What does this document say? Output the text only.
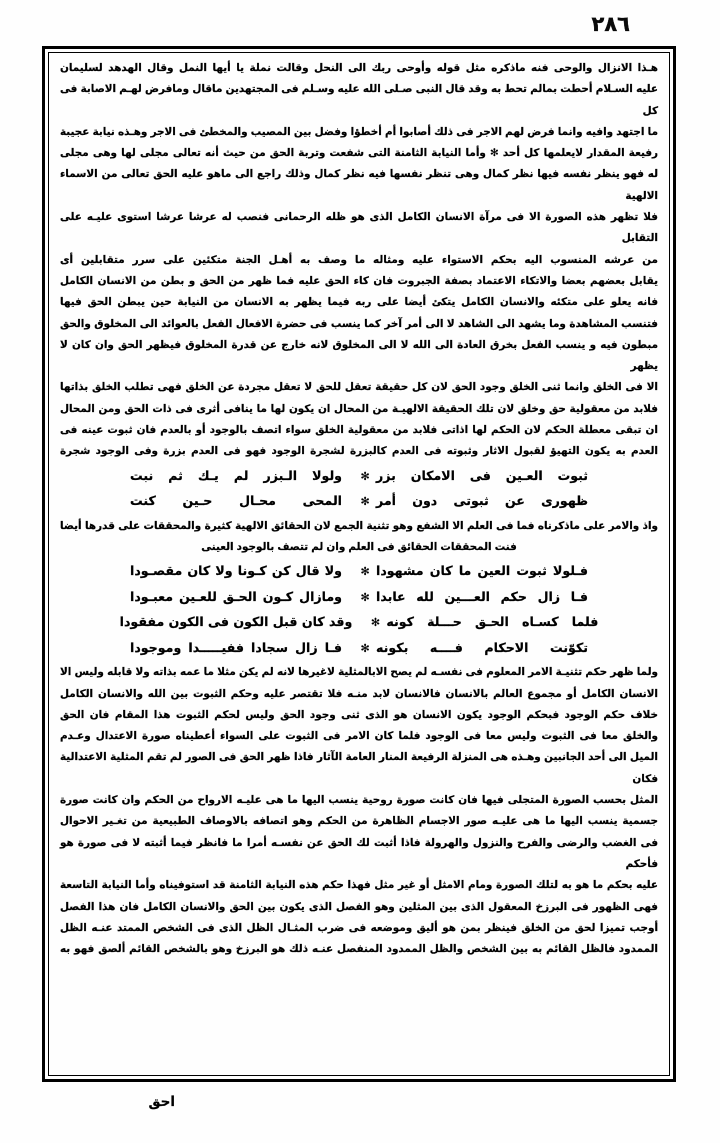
٢٨٦
هـذا الانزال والوحى فنه ماذكره مثل قوله وأوحى ربك الى النحل وقالت نملة يا أيها النمل وقال الهدهد لسليمان
عليه السـلام أحطت بمالم تحط به وقد قال النبى صـلى الله عليه وسـلم فى المجتهدين ماقال ومافرض لهـم الاصابة فى كل
ما اجتهد وافيه وانما فرض لهم الاجر فى ذلك أصابوا أم أخطؤا وفضل بين المصيب والمخطئ فى الاجر وهـذه نيابة عجيبة
رفيعة المقدار لايعلمها كل أحد ✻ وأما النيابة الثامنة التى شفعت وتربة الحق من حيث أنه تعالى مجلى لها وهى مجلى
له فهو ينظر نفسه فيها نظر كمال وهى تنظر نفسها فيه نظر كمال وذلك راجع الى ماهو عليه الحق تعالى من الاسماء الالهية
فلا تظهر هذه الصورة الا فى مرآة الانسان الكامل الذى هو ظله الرحمانى فنصب له عرشا عرشا استوى عليـه على التقابل
من عرشه المنسوب اليه بحكم الاستواء عليه ومثاله ما وصف به أهـل الجنة متكئين على سرر متقابلين أى
يقابل بعضهم بعضا والاتكاء الاعتماد بصفة الجبروت فان كاء الحق عليه فما ظهر من الحق و بطن من الانسان الكامل
فانه يعلو على متكئه والانسان الكامل يتكئ أيضا على ربه فيما يظهر به الانسان من النيابة حين يبطن الحق فيها
فتنسب المشاهدة وما يشهد الى الشاهد لا الى أمر آخر كما ينسب فى حضرة الافعال الفعل بالعوائد الى المخلوق والحق
مبطون فيه و ينسب الفعل بخرق العادة الى الله لا الى المخلوق لانه خارج عن قدرة المخلوق فيظهر الحق وان كان لا يظهر
الا فى الخلق وانما ثنى الخلق وجود الحق لان كل حقيقة تعقل للحق لا تعقل مجردة عن الخلق فهى تطلب الخلق بذاتها
فلابد من معقولية حق وخلق لان تلك الحقيقة الالهيـة من المحال ان يكون لها ما ينافى أثرى فى ذات الحق ومن المحال
ان تبقى معطلة الحكم لان الحكم لها اذاتى فلابد من معقولية الخلق سواء اتصف بالوجود أو بالعدم فان ثبوت عينه فى
العدم به يكون التهيؤ لقبول الاثار وثبوته فى العدم كالبزرة لشجرة الوجود فهو فى العدم بزرة وفى الوجود شجرة
ثبوت العـين فى الامكان بزر
✻
ولولا الـبزر لم يـك ثم نبت
ظهورى عن ثبوتى دون أمر
✻
المحى محـال حـين كنت
واذ والامر على ماذكرناه فما فى العلم الا الشفع وهو تثنية الجمع لان الحقائق الالهية كثيرة والمحققات على قدرها أيضا
فنت المحققات الحقائق فى العلم وان لم تتصف بالوجود العينى
فـلولا ثبوت العين ما كان مشهودا
✻
ولا قال كن كـونا ولا كان مقصـودا
فـا زال حكم العـــين لله عابدا
✻
ومازال كـون الحـق للعـين معبـودا
فلما كسـاه الحـق حـــلة كونه
✻
وقد كان قبل الكون فى الكون مفقودا
تكوّنت الاحكام فــــه بكونه
✻
فـا زال سجادا ففيـــــدا وموجودا
ولما ظهر حكم تثنيـة الامر المعلوم فى نفسـه لم يصح الابالمثلية لاغيرها لانه لم يكن مثلا ما عمه بذاته ولا قابله وليس الا
الانسان الكامل أو مجموع العالم بالانسان فالانسان لابد منـه فلا تقتصر عليه وحكم الثبوت بين الله والانسان الكامل
خلاف حكم الوجود فبحكم الوجود يكون الانسان هو الذى ثنى وجود الحق وليس لحكم الثبوت هذا المقام فان الحق
والخلق معا فى الثبوت وليس معا فى الوجود فلما كان الامر فى الثبوت على السواء أعطيناه صورة الاعتدال وعـدم
الميل الى أحد الجانبين وهـذه هى المنزلة الرفيعة المنار العامة الآثار فاذا ظهر الحق فى الصور لم تقم المثلية الاعتدالية فكان
المثل بحسب الصورة المتجلى فيها فان كانت صورة روحية ينسب اليها ما هى عليـه الارواح من الحكم وان كانت صورة
جسمية ينسب اليها ما هى عليـه صور الاجسام الظاهرة من الحكم وهو اتصافه بالاوصاف الطبيعية من تغـير الاحوال
فى الغضب والرضى والفرح والنزول والهرولة فاذا أثبت لك الحق عن نفسـه أمرا ما فانظر فيما أثبته لا فى صورة هو فأحكم
عليه بحكم ما هو به لتلك الصورة ومام الامثل أو غير مثل فهذا حكم هذه النيابة الثامنة قد استوفيناه وأما النيابة التاسعة
فهى الظهور فى البرزخ المعقول الذى بين المثلين وهو الفصل الذى يكون بين الحق والانسان الكامل فان هذا الفصل
أوجب تميزا لحق من الخلق فينظر بمن هو أليق وموضعه فى ضرب المثـال الظل الذى فى الشخص الممتد عنـه الظل
الممدود فالظل القائم به بين الشخص والظل الممدود المنفصل عنـه ذلك هو البرزخ وهو بالشخص القائم ألصق فهو به
احق
